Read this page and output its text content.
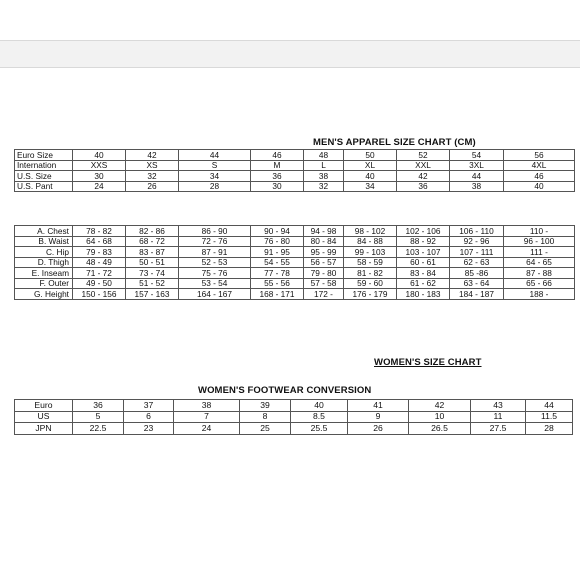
MEN'S APPAREL SIZE CHART (CM)
Euro Size	40	42	44	46	48	50	52	54	56
Internation	XXS	XS	S	M	L	XL	XXL	3XL	4XL
U.S. Size	30	32	34	36	38	40	42	44	46
U.S. Pant	24	26	28	30	32	34	36	38	40
A. Chest	78 - 82	82 - 86	86 - 90	90 - 94	94 - 98	98 - 102	102 - 106	106 - 110	110 -
B. Waist	64 - 68	68 - 72	72 - 76	76 - 80	80 - 84	84 - 88	88 - 92	92 - 96	96 - 100
C. Hip	79 - 83	83 - 87	87 - 91	91 - 95	95 - 99	99 - 103	103 - 107	107 - 111	111 -
D. Thigh	48 - 49	50 - 51	52 - 53	54 - 55	56 - 57	58 - 59	60 - 61	62 - 63	64 - 65
E. Inseam	71 - 72	73 - 74	75 - 76	77 - 78	79 - 80	81 - 82	83 - 84	85 -86	87 - 88
F. Outer	49 - 50	51 - 52	53 - 54	55 - 56	57 - 58	59 - 60	61 - 62	63 - 64	65 - 66
G. Height	150 - 156	157 - 163	164 - 167	168 - 171	172 -	176 - 179	180 - 183	184 - 187	188 -
WOMEN'S SIZE CHART
WOMEN'S FOOTWEAR CONVERSION
Euro	36	37	38	39	40	41	42	43	44
US	5	6	7	8	8.5	9	10	11	11.5
JPN	22.5	23	24	25	25.5	26	26.5	27.5	28
